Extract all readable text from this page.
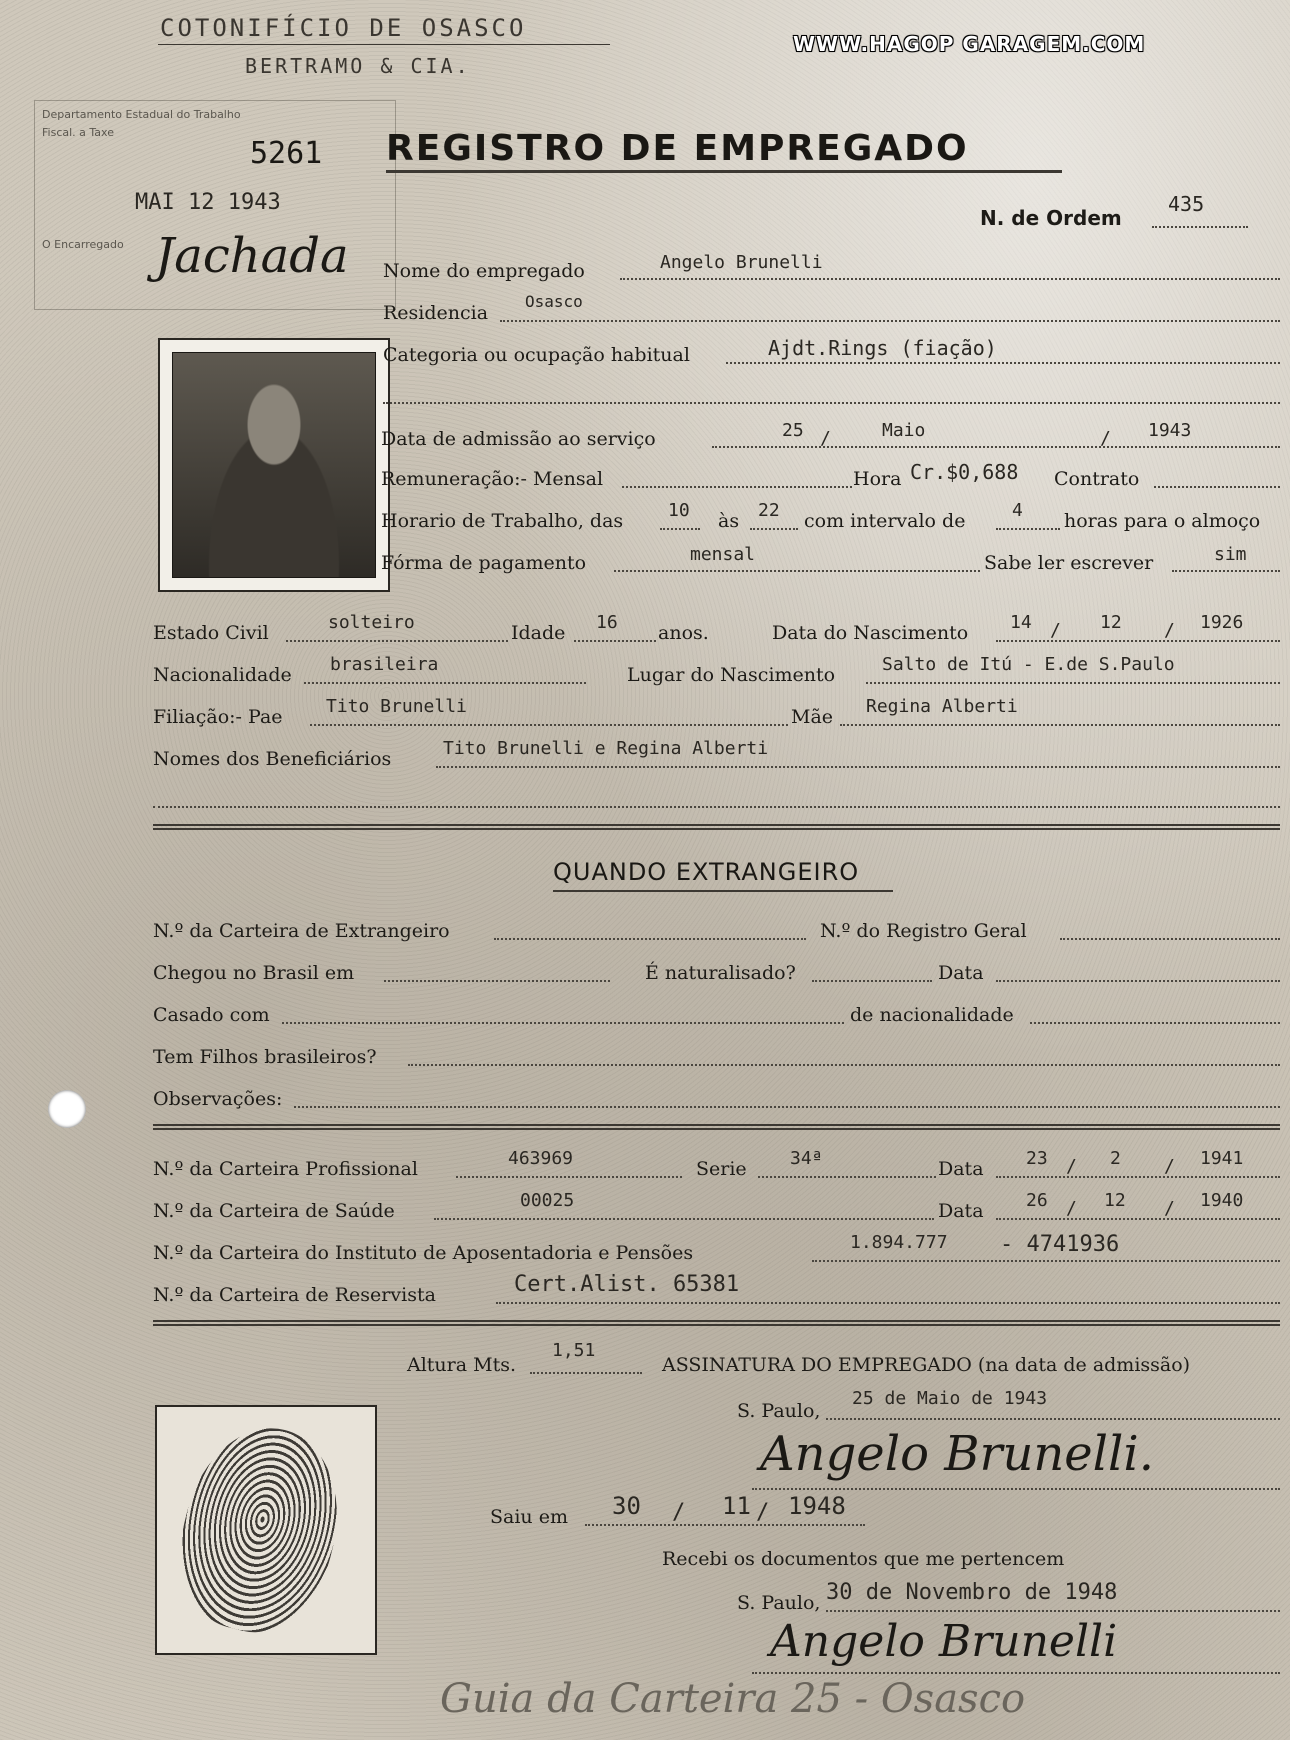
COTONIFÍCIO DE OSASCO
BERTRAMO & CIA.
WWW.HAGOP GARAGEM.COM
Departamento Estadual do Trabalho
Fiscal. a Taxe
O Encarregado
MAI 12 1943
Jachada
5261 REGISTRO DE EMPREGADO
N. de Ordem
435
Nome do empregado	Angelo Brunelli
Residencia
Osasco
Categoria ou ocupação habitual	Ajdt.Rings (fiação)
Data de admissão ao serviço	25 /	Maio	/ 1943
Remuneração:- Mensal	Hora Cr.$0,688 Contrato
Horario de Trabalho, das 10 às 22 com intervalo de	4 horas para o almoço
Fórma de pagamento	mensal	Sabe ler escrever	sim
Estado Civil	solteiro	Idade 16 anos.	Data do Nascimento 14 / 12 / 1926
Nacionalidade brasileira	Lugar do Nascimento	Salto de Itú - E.de S.Paulo
Filiação:- Pae Tito Brunelli	Mãe Regina Alberti
Nomes dos Beneficiários	Tito Brunelli e Regina Alberti
QUANDO EXTRANGEIRO
N.º da Carteira de Extrangeiro	N.º do Registro Geral
Chegou no Brasil em	É naturalisado?	Data
Casado com	de nacionalidade
Tem Filhos brasileiros?
Observações:
N.º da Carteira Profissional	463969	Serie 34ª	Data 23 / 2 / 1941
N.º da Carteira de Saúde	00025	Data 26 / 12 / 1940
N.º da Carteira do Instituto de Aposentadoria e Pensões	1.894.777 - 4741936
N.º da Carteira de Reservista	Cert.Alist. 65381
Altura Mts.
1,51
ASSINATURA DO EMPREGADO (na data de admissão)
S. Paulo,
25 de Maio de 1943
Angelo Brunelli.
Saiu em 30 / 11 / 1948
Recebi os documentos que me pertencem
S. Paulo, 30 de Novembro de 1948
Angelo Brunelli
Guia da Carteira 25 - Osasco
